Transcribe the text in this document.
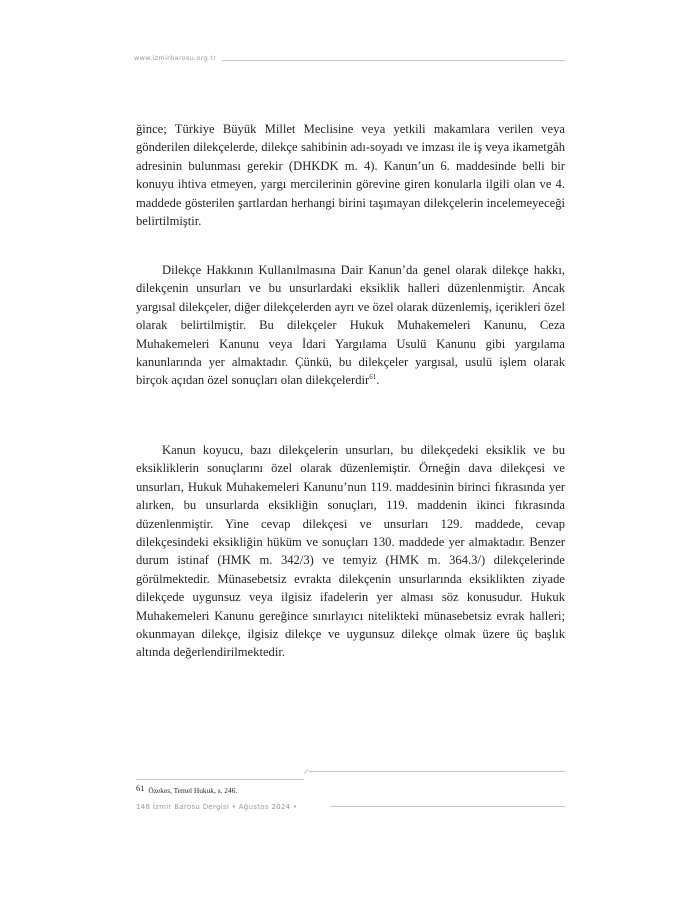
www.izmirbarosu.org.tr

ğince; Türkiye Büyük Millet Meclisine veya yetkili makamlara verilen veya gönderilen dilekçelerde, dilekçe sahibinin adı-soyadı ve imzası ile iş veya ikametgâh adresinin bulunması gerekir (DHKDK m. 4). Kanun’un 6. maddesinde belli bir konuyu ihtiva etmeyen, yargı mercilerinin görevine giren konularla ilgili olan ve 4. maddede gösterilen şartlardan herhangi birini taşımayan dilekçelerin incelemeyeceği belirtilmiştir.

Dilekçe Hakkının Kullanılmasına Dair Kanun’da genel olarak dilekçe hakkı, dilekçenin unsurları ve bu unsurlardaki eksiklik halleri düzenlenmiştir. Ancak yargısal dilekçeler, diğer dilekçelerden ayrı ve özel olarak düzenlemiş, içerikleri özel olarak belirtilmiştir. Bu dilekçeler Hukuk Muhakemeleri Kanunu, Ceza Muhakemeleri Kanunu veya İdari Yargılama Usulü Kanunu gibi yargılama kanunlarında yer almaktadır. Çünkü, bu dilekçeler yargısal, usulü işlem olarak birçok açıdan özel sonuçları olan dilekçelerdir$^{61}$.

Kanun koyucu, bazı dilekçelerin unsurları, bu dilekçedeki eksiklik ve bu eksikliklerin sonuçlarını özel olarak düzenlemiştir. Örneğin dava dilekçesi ve unsurları, Hukuk Muhakemeleri Kanunu’nun 119. maddesinin birinci fıkrasında yer alırken, bu unsurlarda eksikliğin sonuçları, 119. maddenin ikinci fıkrasında düzenlenmiştir. Yine cevap dilekçesi ve unsurları 129. maddede, cevap dilekçesindeki eksikliğin hüküm ve sonuçları 130. maddede yer almaktadır. Benzer durum istinaf (HMK m. 342/3) ve temyiz (HMK m. 364.3/) dilekçelerinde görülmektedir. Münasebetsiz evrakta dilekçenin unsurlarında eksiklikten ziyade dilekçede uygunsuz veya ilgisiz ifadelerin yer alması söz konusudur. Hukuk Muhakemeleri Kanunu gereğince sınırlayıcı nitelikteki münasebetsiz evrak halleri; okunmayan dilekçe, ilgisiz dilekçe ve uygunsuz dilekçe olmak üzere üç başlık altında değerlendirilmektedir.

61 Özekes, Temel Hukuk, s. 246.
148 İzmir Barosu Dergisi • Ağustos 2024 •
